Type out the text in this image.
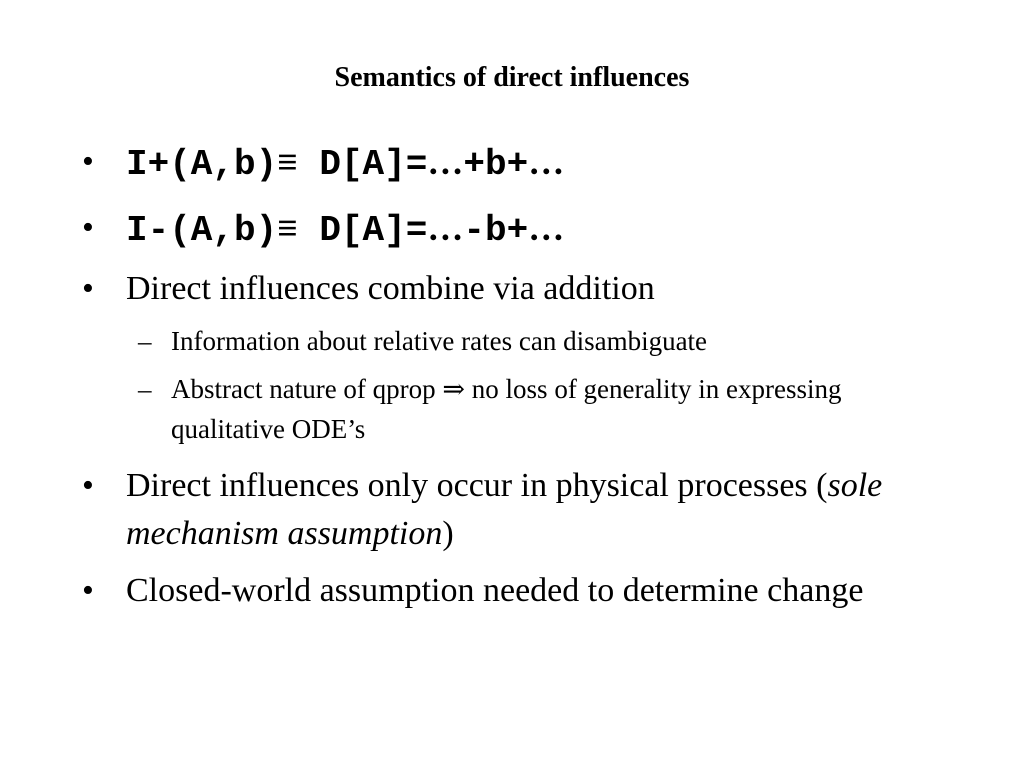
Semantics of direct influences
• I+(A,b)≡ D[A]=…+b+…
• I-(A,b)≡ D[A]=…-b+…
• Direct influences combine via addition
– Information about relative rates can disambiguate
– Abstract nature of qprop ⇒ no loss of generality in expressing qualitative ODE’s
• Direct influences only occur in physical processes (sole mechanism assumption)
• Closed-world assumption needed to determine change
